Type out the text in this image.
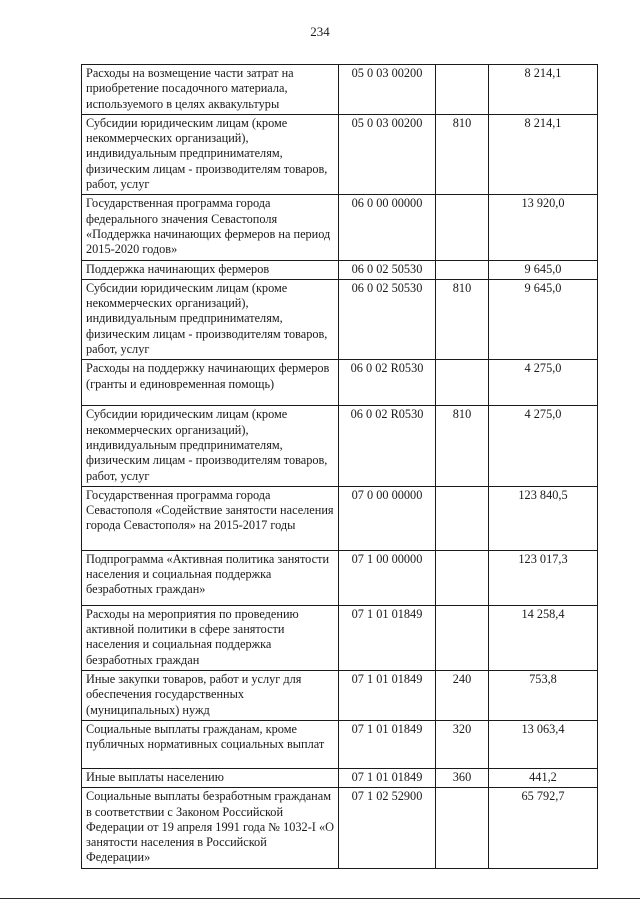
234
Расходы на возмещение части затрат на приобретение посадочного материала, используемого в целях аквакультуры	05 0 03 00200		8 214,1
Субсидии юридическим лицам (кроме некоммерческих организаций), индивидуальным предпринимателям, физическим лицам - производителям товаров, работ, услуг	05 0 03 00200	810	8 214,1
Государственная программа города федерального значения Севастополя «Поддержка начинающих фермеров на период 2015-2020 годов»	06 0 00 00000		13 920,0
Поддержка начинающих фермеров	06 0 02 50530		9 645,0
Субсидии юридическим лицам (кроме некоммерческих организаций), индивидуальным предпринимателям, физическим лицам - производителям товаров, работ, услуг	06 0 02 50530	810	9 645,0
Расходы на поддержку начинающих фермеров (гранты и единовременная помощь)	06 0 02 R0530		4 275,0
Субсидии юридическим лицам (кроме некоммерческих организаций), индивидуальным предпринимателям, физическим лицам - производителям товаров, работ, услуг	06 0 02 R0530	810	4 275,0
Государственная программа города Севастополя «Содействие занятости населения города Севастополя» на 2015-2017 годы	07 0 00 00000		123 840,5
Подпрограмма «Активная политика занятости населения и социальная поддержка безработных граждан»	07 1 00 00000		123 017,3
Расходы на мероприятия по проведению активной политики в сфере занятости населения и социальная поддержка безработных граждан	07 1 01 01849		14 258,4
Иные закупки товаров, работ и услуг для обеспечения государственных (муниципальных) нужд	07 1 01 01849	240	753,8
Социальные выплаты гражданам, кроме публичных нормативных социальных выплат	07 1 01 01849	320	13 063,4
Иные выплаты населению	07 1 01 01849	360	441,2
Социальные выплаты безработным гражданам в соответствии с Законом Российской Федерации от 19 апреля 1991 года № 1032-I «О занятости населения в Российской Федерации»	07 1 02 52900		65 792,7
